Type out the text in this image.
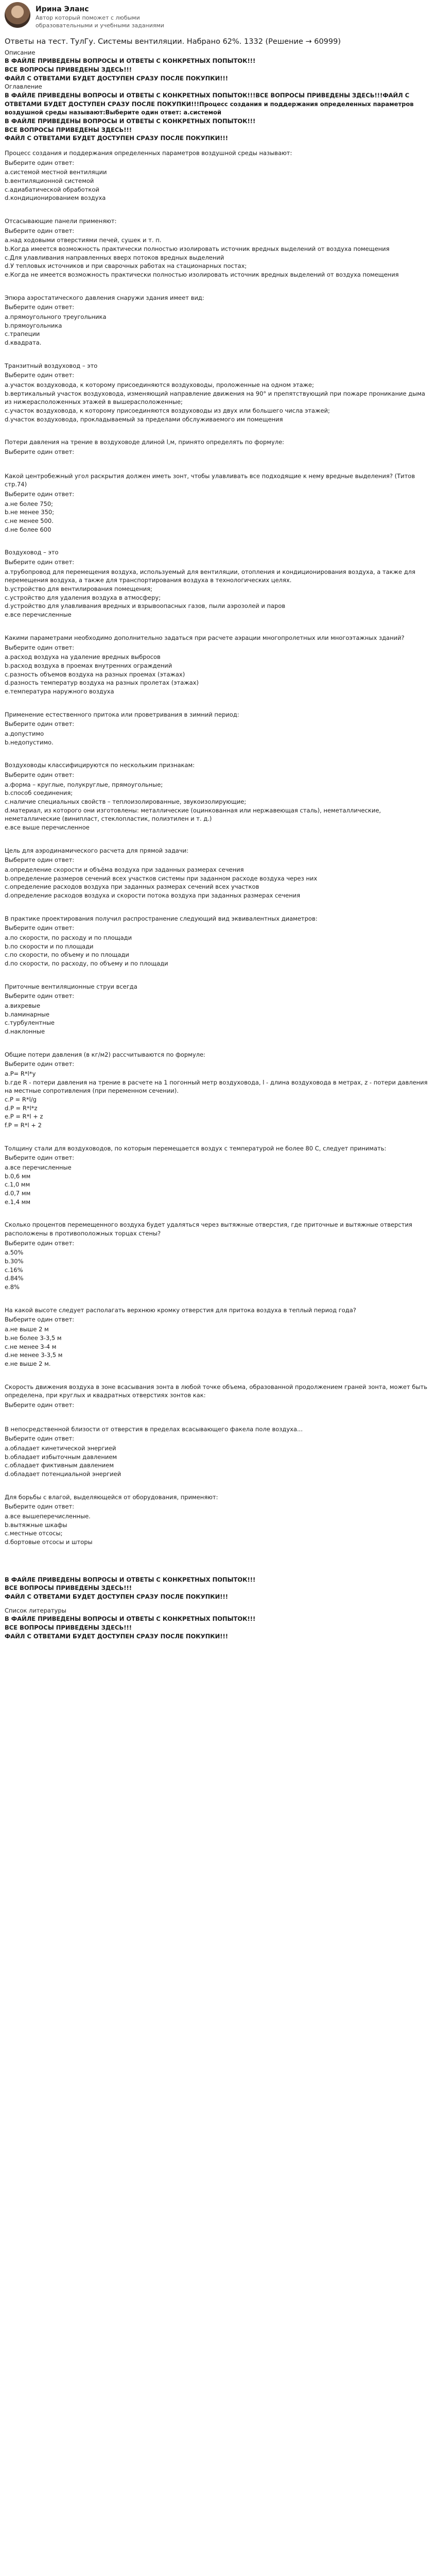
Ирина Эланс
Автор который поможет с любыми образовательными и учебными заданиями
Ответы на тест. ТулГу. Системы вентиляции. Набрано 62%. 1332 (Решение → 60999)

Описание

В ФАЙЛЕ ПРИВЕДЕНЫ ВОПРОСЫ И ОТВЕТЫ С КОНКРЕТНЫХ ПОПЫТОК!!!

ВСЕ ВОПРОСЫ ПРИВЕДЕНЫ ЗДЕСЬ!!!

ФАЙЛ С ОТВЕТАМИ БУДЕТ ДОСТУПЕН СРАЗУ ПОСЛЕ ПОКУПКИ!!!

Оглавление

В ФАЙЛЕ ПРИВЕДЕНЫ ВОПРОСЫ И ОТВЕТЫ С КОНКРЕТНЫХ ПОПЫТОК!!!ВСЕ ВОПРОСЫ ПРИВЕДЕНЫ ЗДЕСЬ!!!ФАЙЛ С ОТВЕТАМИ БУДЕТ ДОСТУПЕН СРАЗУ ПОСЛЕ ПОКУПКИ!!!Процесс создания и поддержания определенных параметров воздушной среды называют:Выберите один ответ: a.системой

В ФАЙЛЕ ПРИВЕДЕНЫ ВОПРОСЫ И ОТВЕТЫ С КОНКРЕТНЫХ ПОПЫТОК!!!

ВСЕ ВОПРОСЫ ПРИВЕДЕНЫ ЗДЕСЬ!!!

ФАЙЛ С ОТВЕТАМИ БУДЕТ ДОСТУПЕН СРАЗУ ПОСЛЕ ПОКУПКИ!!!

Процесс создания и поддержания определенных параметров воздушной среды называют:

Выберите один ответ:

a.системой местной вентиляции

b.вентиляционной системой

c.адиабатической обработкой

d.кондиционированием воздуха

Отсасывающие панели применяют:

Выберите один ответ:

a.над ходовыми отверстиями печей, сушек и т. п.

b.Когда имеется возможность практически полностью изолировать источник вредных выделений от воздуха помещения

c.Для улавливания направленных вверх потоков вредных выделений

d.У тепловых источников и при сварочных работах на стационарных постах;

e.Когда не имеется возможность практически полностью изолировать источник вредных выделений от воздуха помещения

Эпюра аэростатического давления снаружи здания имеет вид:

Выберите один ответ:

a.прямоугольного треугольника

b.прямоугольника

c.трапеции

d.квадрата.

Транзитный воздуховод – это

Выберите один ответ:

a.участок воздуховода, к которому присоединяются воздуховоды, проложенные на одном этаже;

b.вертикальный участок воздуховода, изменяющий направление движения на 90° и препятствующий при пожаре проникание дыма из нижерасположенных этажей в вышерасположенные;

c.участок воздуховода, к которому присоединяются воздуховоды из двух или большего числа этажей;

d.участок воздуховода, прокладываемый за пределами обслуживаемого им помещения

Потери давления на трение в воздуховоде длиной l,м, принято определять по формуле:

Выберите один ответ:

Какой центробежный угол раскрытия должен иметь зонт, чтобы улавливать все подходящие к нему вредные выделения? (Титов стр.74)

Выберите один ответ:

a.не более 750;

b.не менее 350;

c.не менее 500.

d.не более 600

Воздуховод – это

Выберите один ответ:

a.трубопровод для перемещения воздуха, используемый для вентиляции, отопления и кондиционирования воздуха, а также для перемещения воздуха, а также для транспортирования воздуха в технологических целях.

b.устройство для вентилирования помещения;

c.устройство для удаления воздуха в атмосферу;

d.устройство для улавливания вредных и взрывоопасных газов, пыли аэрозолей и паров

e.все перечисленные

Какими параметрами необходимо дополнительно задаться при расчете аэрации многопролетных или многоэтажных зданий?

Выберите один ответ:

a.расход воздуха на удаление вредных выбросов

b.расход воздуха в проемах внутренних ограждений

c.разность объемов воздуха на разных проемах (этажах)

d.разность температур воздуха на разных пролетах (этажах)

e.температура наружного воздуха

Применение естественного притока или проветривания в зимний период:

Выберите один ответ:

a.допустимо

b.недопустимо.

Воздуховоды классифицируются по нескольким признакам:

Выберите один ответ:

a.форма – круглые, полукруглые, прямоугольные;

b.способ соединения;

c.наличие специальных свойств – теплоизолированные, звукоизолирующие;

d.материал, из которого они изготовлены: металлические (оцинкованная или нержавеющая сталь), неметаллические, неметаллические (винипласт, стеклопластик, полиэтилен и т. д.)

e.все выше перечисленное

Цель для аэродинамического расчета для прямой задачи:

Выберите один ответ:

a.определение скорости и объёма воздуха при заданных размерах сечения

b.определение размеров сечений всех участков системы при заданном расходе воздуха через них

c.определение расходов воздуха при заданных размерах сечений всех участков

d.определение расходов воздуха и скорости потока воздуха при заданных размерах сечения

В практике проектирования получил распространение следующий вид эквивалентных диаметров:

Выберите один ответ:

a.по скорости, по расходу и по площади

b.по скорости и по площади

c.по скорости, по объему и по площади

d.по скорости, по расходу, по объему и по площади

Приточные вентиляционные струи всегда

Выберите один ответ:

a.вихревые

b.ламинарные

c.турбулентные

d.наклонные

Общие потери давления (в кг/м2) рассчитываются по формуле:

Выберите один ответ:

a.P= R*l*y

b.где R - потери давления на трение в расчете на 1 погонный метр воздуховода, l - длина воздуховода в метрах, z - потери давления на местные сопротивления (при переменном сечении).

c.P = R*l/g

d.P = R*l*z

e.P = R*l + z

f.P = R*l + 2

Толщину стали для воздуховодов, по которым перемещается воздух с температурой не более 80 С, следует принимать:

Выберите один ответ:

a.все перечисленные

b.0,6 мм

c.1,0 мм

d.0,7 мм

e.1,4 мм

Сколько процентов перемещенного воздуха будет удаляться через вытяжные отверстия, где приточные и вытяжные отверстия расположены в противоположных торцах стены?

Выберите один ответ:

a.50%

b.30%

c.16%

d.84%

e.8%

На какой высоте следует располагать верхнюю кромку отверстия для притока воздуха в теплый период года?

Выберите один ответ:

a.не выше 2 м

b.не более 3-3,5 м

c.не менее 3-4 м

d.не менее 3-3,5 м

e.не выше 2 м.

Скорость движения воздуха в зоне всасывания зонта в любой точке объема, образованной продолжением граней зонта, может быть определена, при круглых и квадратных отверстиях зонтов как:

Выберите один ответ:

В непосредственной близости от отверстия в пределах всасывающего факела поле воздуха...

Выберите один ответ:

a.обладает кинетической энергией

b.обладает избыточным давлением

c.обладает фиктивным давлением

d.обладает потенциальной энергией

Для борьбы с влагой, выделяющейся от оборудования, применяют:

Выберите один ответ:

a.все вышеперечисленные.

b.вытяжные шкафы

c.местные отсосы;

d.бортовые отсосы и шторы

В ФАЙЛЕ ПРИВЕДЕНЫ ВОПРОСЫ И ОТВЕТЫ С КОНКРЕТНЫХ ПОПЫТОК!!!

ВСЕ ВОПРОСЫ ПРИВЕДЕНЫ ЗДЕСЬ!!!

ФАЙЛ С ОТВЕТАМИ БУДЕТ ДОСТУПЕН СРАЗУ ПОСЛЕ ПОКУПКИ!!!

Список литературы

В ФАЙЛЕ ПРИВЕДЕНЫ ВОПРОСЫ И ОТВЕТЫ С КОНКРЕТНЫХ ПОПЫТОК!!!

ВСЕ ВОПРОСЫ ПРИВЕДЕНЫ ЗДЕСЬ!!!

ФАЙЛ С ОТВЕТАМИ БУДЕТ ДОСТУПЕН СРАЗУ ПОСЛЕ ПОКУПКИ!!!
